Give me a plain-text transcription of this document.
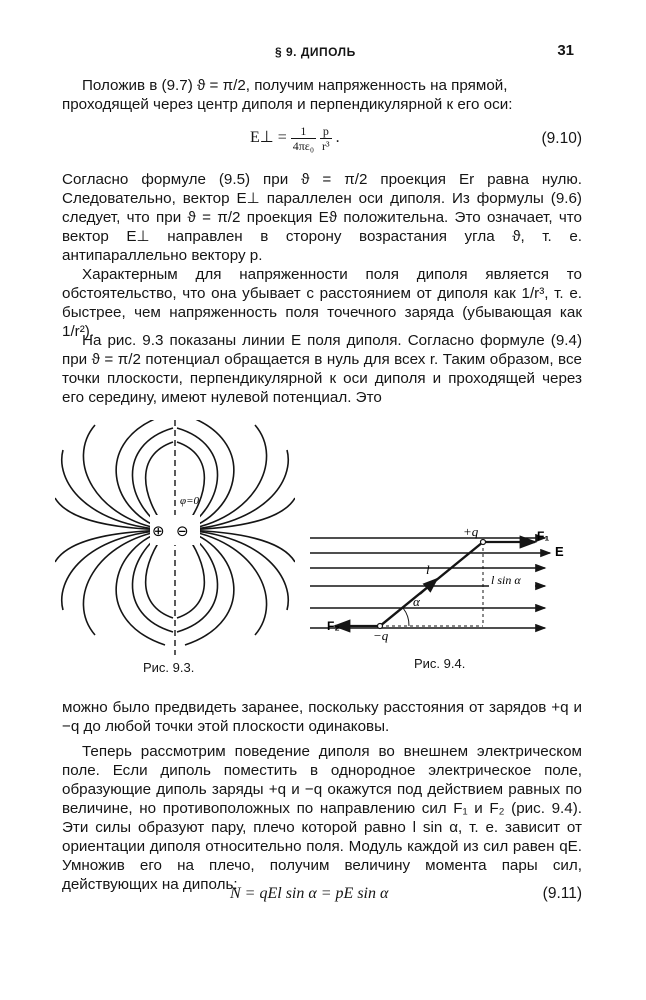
§ 9. ДИПОЛЬ	31

Положив в (9.7) ϑ = π/2, получим напряженность на прямой,

проходящей через центр диполя и перпендикулярной к его оси:

E⊥ = $\frac{1}{\text{4πε₀}}$
$\frac{p}{\text{r³}}$ .	(9.10)

Согласно формуле (9.5) при ϑ = π/2 проекция Er равна нулю. Следовательно, вектор E⊥ параллелен оси диполя. Из формулы (9.6) следует, что при ϑ = π/2 проекция Eϑ положительна. Это означает, что вектор E⊥ направлен в сторону возрастания угла ϑ, т. е. антипараллельно вектору p.

Характерным для напряженности поля диполя является то обстоятельство, что она убывает с расстоянием от диполя как 1/r³, т. е. быстрее, чем напряженность поля точечного заряда (убывающая как 1/r²).

На рис. 9.3 показаны линии E поля диполя. Согласно формуле (9.4) при ϑ = π/2 потенциал обращается в нуль для всех r. Таким образом, все точки плоскости, перпендикулярной к оси диполя и проходящей через его середину, имеют нулевой потенциал. Это

φ=0
⊕ ⊖
Рис. 9.3.
+q
−q
F₁
F₂
E
l
α
l sin α
Рис. 9.4.

можно было предвидеть заранее, поскольку расстояния от зарядов +q и −q до любой точки этой плоскости одинаковы.

Теперь рассмотрим поведение диполя во внешнем электрическом поле. Если диполь поместить в однородное электрическое поле, образующие диполь заряды +q и −q окажутся под действием равных по величине, но противоположных по направлению сил F₁ и F₂ (рис. 9.4). Эти силы образуют пару, плечо которой равно l sin α, т. е. зависит от ориентации диполя относительно поля. Модуль каждой из сил равен qE. Умножив его на плечо, получим величину момента пары сил, действующих на диполь:

N = qEl sin α = pE sin α	(9.11)
